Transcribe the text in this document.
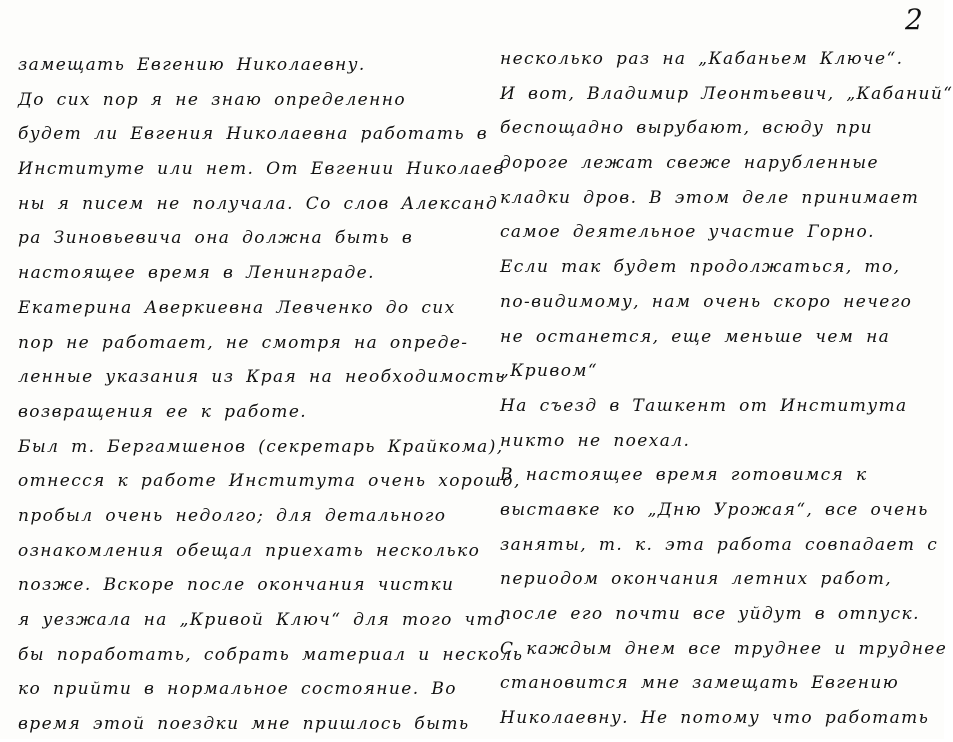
2
замещать Евгению Николаевну.
До сих пор я не знаю определенно
будет ли Евгения Николаевна работать в
Институте или нет. От Евгении Николаев
ны я писем не получала. Со слов Александ
ра Зиновьевича она должна быть в
настоящее время в Ленинграде.
Екатерина Аверкиевна Левченко до сих
пор не работает, не смотря на опреде-
ленные указания из Края на необходимость
возвращения ее к работе.
Был т. Бергамшенов (секретарь Крайкома),
отнесся к работе Института очень хорошо,
пробыл очень недолго; для детального
ознакомления обещал приехать несколько
позже. Вскоре после окончания чистки
я уезжала на „Кривой Ключ“ для того что
бы поработать, собрать материал и несколь
ко прийти в нормальное состояние. Во
время этой поездки мне пришлось быть
несколько раз на „Кабаньем Ключе“.
И вот, Владимир Леонтьевич, „Кабаний“
беспощадно вырубают, всюду при
дороге лежат свеже нарубленные
кладки дров. В этом деле принимает
самое деятельное участие Горно.
Если так будет продолжаться, то,
по-видимому, нам очень скоро нечего
не останется, еще меньше чем на
„Кривом“
На съезд в Ташкент от Института
никто не поехал.
В настоящее время готовимся к
выставке ко „Дню Урожая“, все очень
заняты, т. к. эта работа совпадает с
периодом окончания летних работ,
после его почти все уйдут в отпуск.
С каждым днем все труднее и труднее
становится мне замещать Евгению
Николаевну. Не потому что работать
